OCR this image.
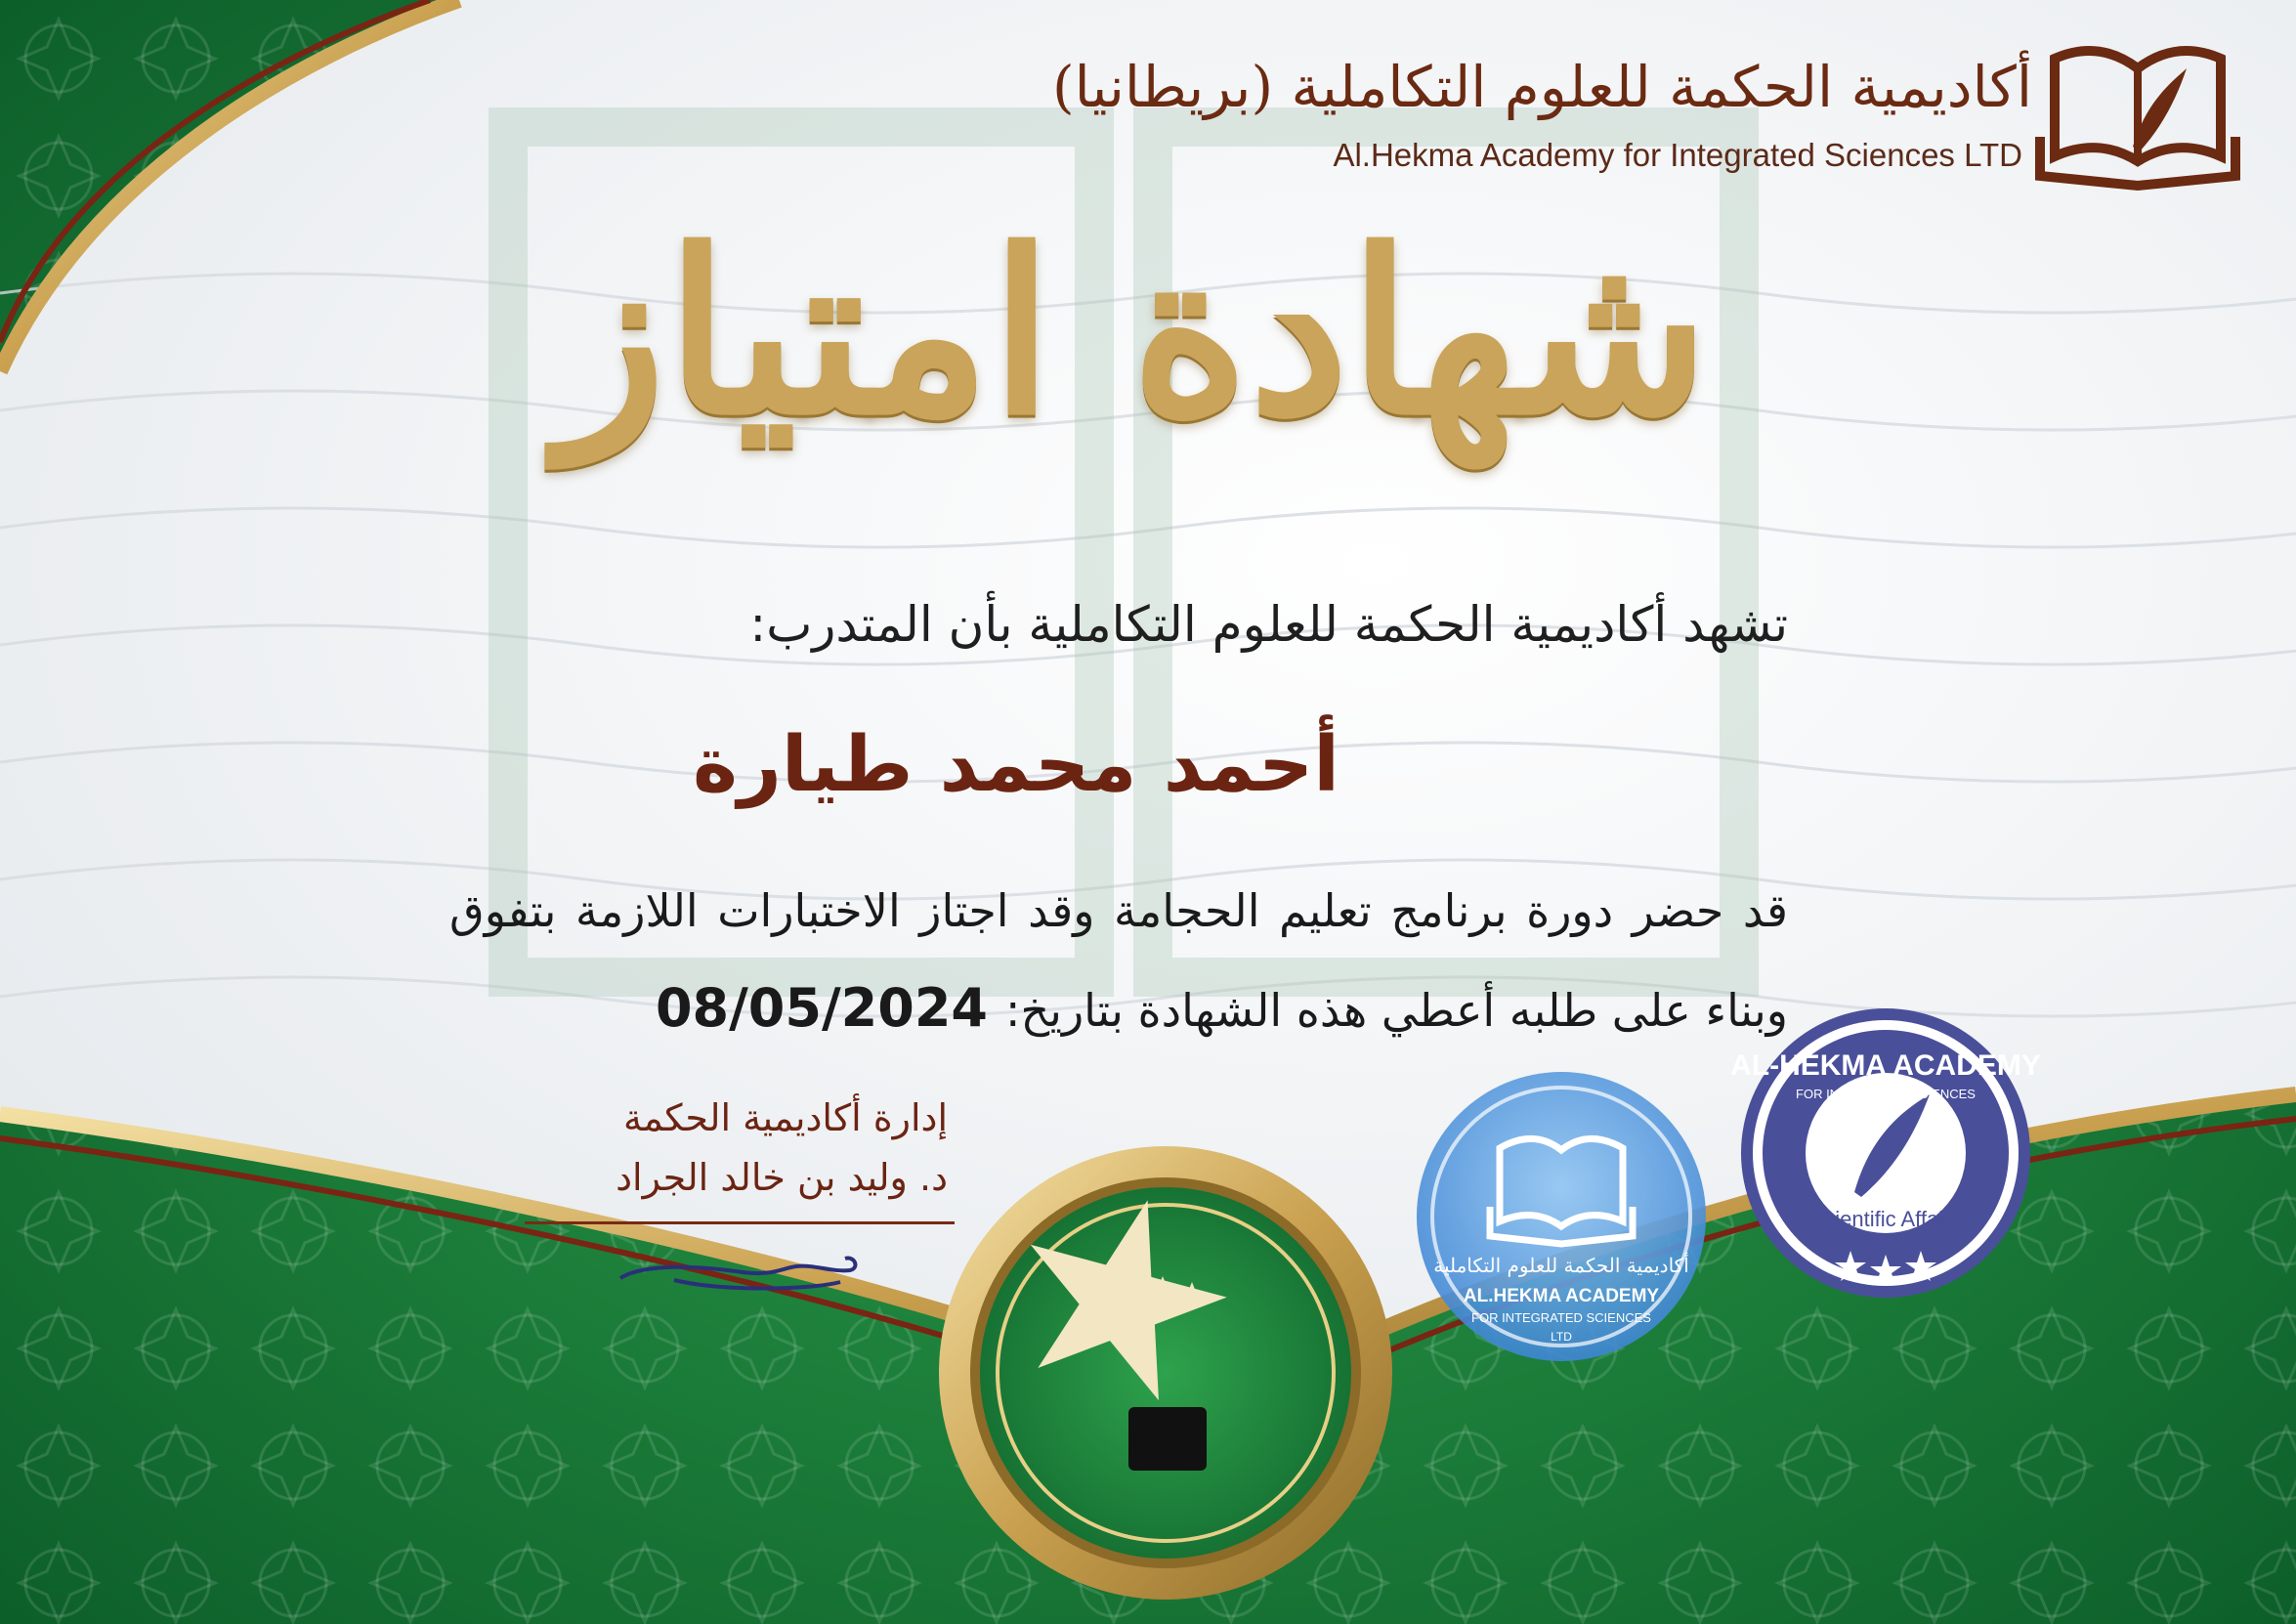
أكاديمية الحكمة للعلوم التكاملية
AL.HEKMA ACADEMY
FOR INTEGRATED SCIENCES
LTD
AL-HEKMA ACADEMY
FOR INTEGRATED SCIENCES
Scientific Affairs
أكاديمية الحكمة للعلوم التكاملية (بريطانيا)
Al.Hekma Academy for Integrated Sciences LTD
شهادة امتياز
تشهد أكاديمية الحكمة للعلوم التكاملية بأن المتدرب:
أحمد محمد طيارة
قد حضر دورة برنامج تعليم الحجامة وقد اجتاز الاختبارات اللازمة بتفوق
وبناء على طلبه أعطي هذه الشهادة بتاريخ:08/05/2024
إدارة أكاديمية الحكمة
د. وليد بن خالد الجراد
